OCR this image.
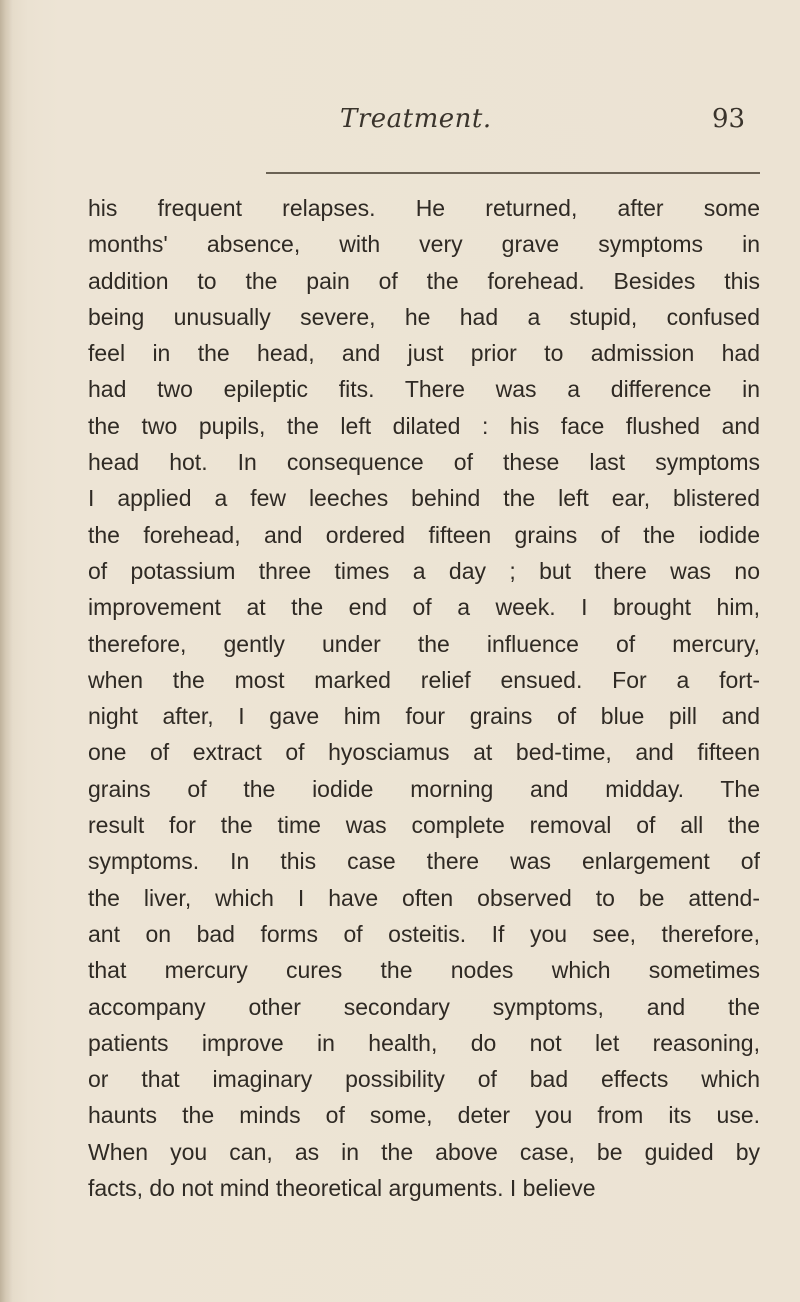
Treatment.	93
his frequent relapses. He returned, after some
months' absence, with very grave symptoms in
addition to the pain of the forehead. Besides this
being unusually severe, he had a stupid, confused
feel in the head, and just prior to admission had
had two epileptic fits. There was a difference in
the two pupils, the left dilated : his face flushed and
head hot. In consequence of these last symptoms
I applied a few leeches behind the left ear, blistered
the forehead, and ordered fifteen grains of the iodide
of potassium three times a day ; but there was no
improvement at the end of a week. I brought him,
therefore, gently under the influence of mercury,
when the most marked relief ensued. For a fort-
night after, I gave him four grains of blue pill and
one of extract of hyosciamus at bed-time, and fifteen
grains of the iodide morning and midday. The
result for the time was complete removal of all the
symptoms. In this case there was enlargement of
the liver, which I have often observed to be attend-
ant on bad forms of osteitis. If you see, therefore,
that mercury cures the nodes which sometimes
accompany other secondary symptoms, and the
patients improve in health, do not let reasoning,
or that imaginary possibility of bad effects which
haunts the minds of some, deter you from its use.
When you can, as in the above case, be guided by
facts, do not mind theoretical arguments. I believe
